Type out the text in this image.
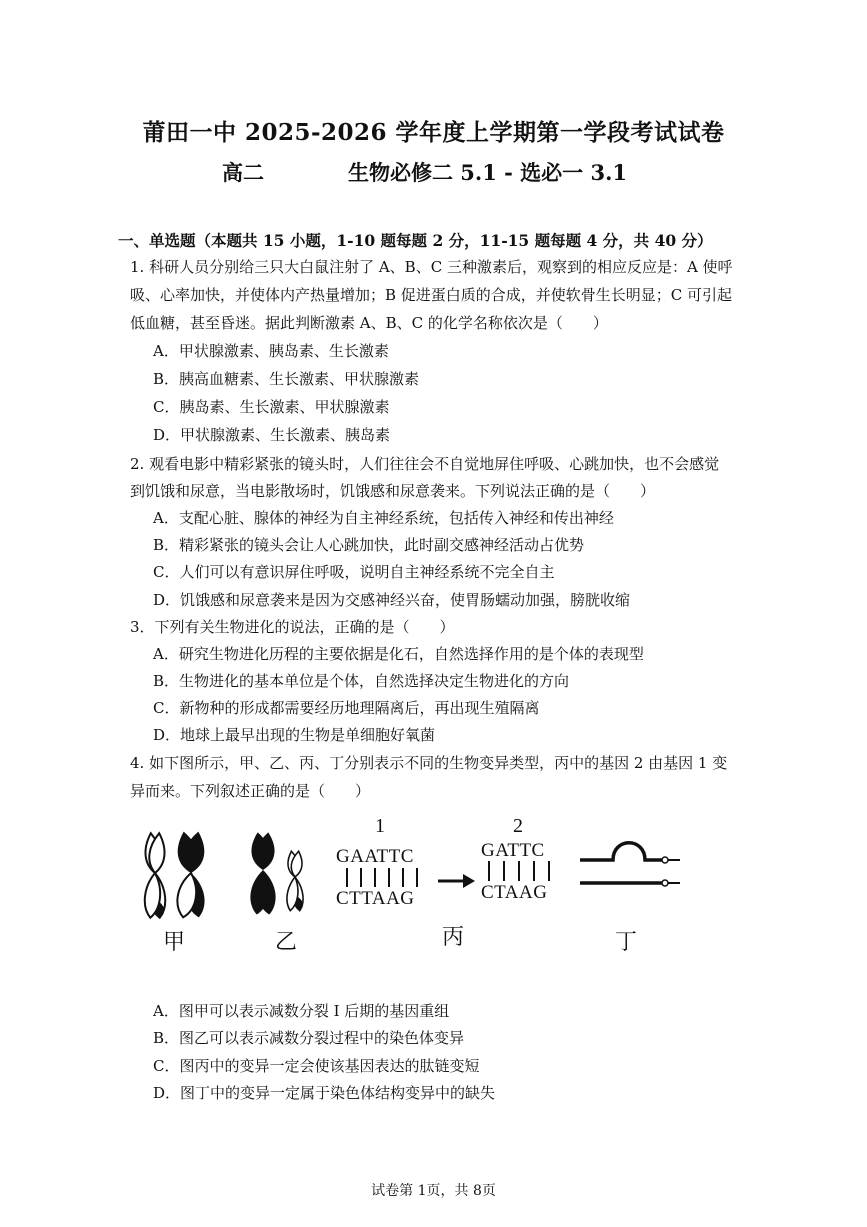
莆田一中 2025-2026 学年度上学期第一学段考试试卷
高二	生物必修二 5.1 - 选必一 3.1
一、单选题（本题共 15 小题，1-10 题每题 2 分，11-15 题每题 4 分，共 40 分）
1. 科研人员分别给三只大白鼠注射了 A、B、C 三种激素后，观察到的相应反应是：A 使呼
吸、心率加快，并使体内产热量增加；B 促进蛋白质的合成，并使软骨生长明显；C 可引起
低血糖，甚至昏迷。据此判断激素 A、B、C 的化学名称依次是（　　）
A．甲状腺激素、胰岛素、生长激素
B．胰高血糖素、生长激素、甲状腺激素
C．胰岛素、生长激素、甲状腺激素
D．甲状腺激素、生长激素、胰岛素
2. 观看电影中精彩紧张的镜头时，人们往往会不自觉地屏住呼吸、心跳加快，也不会感觉
到饥饿和尿意，当电影散场时，饥饿感和尿意袭来。下列说法正确的是（　　）
A．支配心脏、腺体的神经为自主神经系统，包括传入神经和传出神经
B．精彩紧张的镜头会让人心跳加快，此时副交感神经活动占优势
C．人们可以有意识屏住呼吸，说明自主神经系统不完全自主
D．饥饿感和尿意袭来是因为交感神经兴奋，使胃肠蠕动加强，膀胱收缩
3．下列有关生物进化的说法，正确的是（　　）
A．研究生物进化历程的主要依据是化石，自然选择作用的是个体的表现型
B．生物进化的基本单位是个体，自然选择决定生物进化的方向
C．新物种的形成都需要经历地理隔离后，再出现生殖隔离
D．地球上最早出现的生物是单细胞好氧菌
4. 如下图所示，甲、乙、丙、丁分别表示不同的生物变异类型，丙中的基因 2 由基因 1 变
异而来。下列叙述正确的是（　　）
1
GAATTC
CTTAAG
2
GATTC
CTAAG
甲	乙	丙	丁
A．图甲可以表示减数分裂 I 后期的基因重组
B．图乙可以表示减数分裂过程中的染色体变异
C．图丙中的变异一定会使该基因表达的肽链变短
D．图丁中的变异一定属于染色体结构变异中的缺失
试卷第 1页，共 8页
